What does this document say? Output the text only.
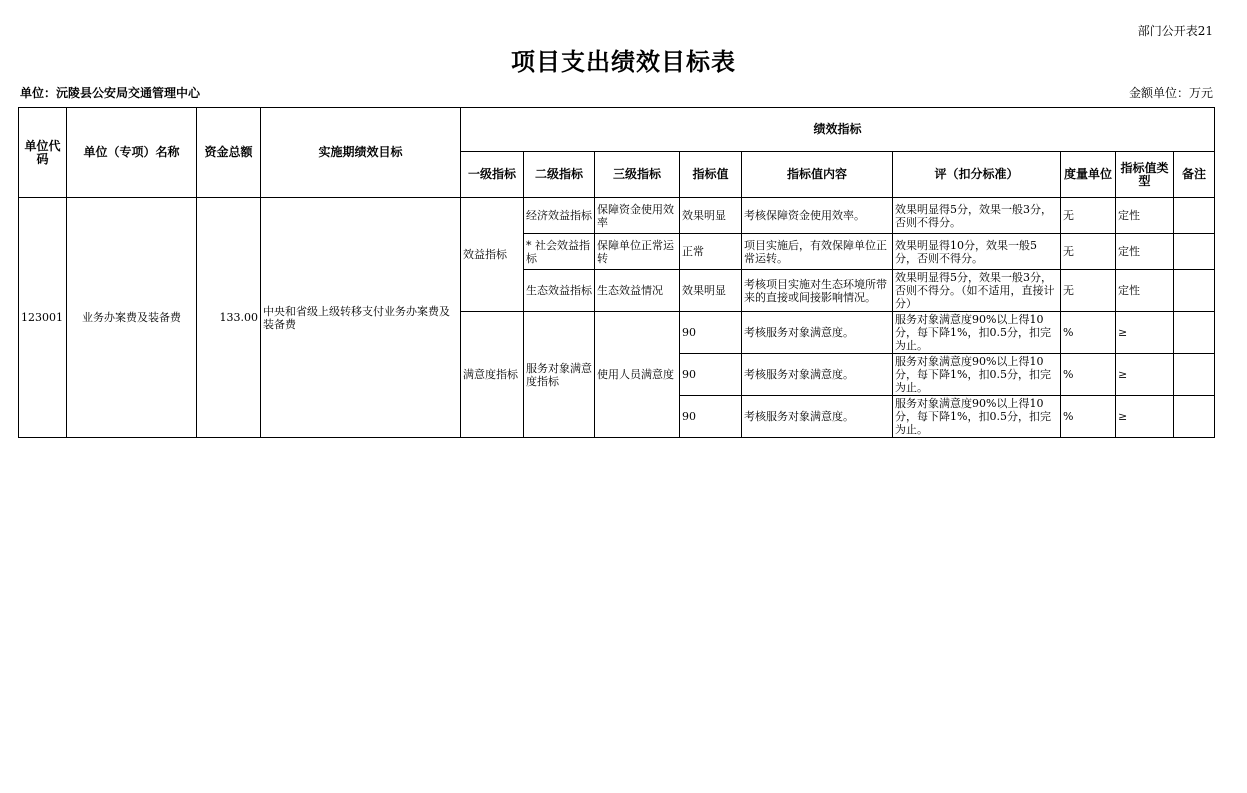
部门公开表21
项目支出绩效目标表
单位：沅陵县公安局交通管理中心	金额单位：万元
单位代码	单位（专项）名称	资金总额	实施期绩效目标	绩效指标								
				一级指标	二级指标	三级指标	指标值	指标值内容	评（扣分标准）	度量单位	指标值类型	备注
123001	业务办案费及装备费	133.00	中央和省级上级转移支付业务办案费及装备费	效益指标	经济效益指标	保障资金使用效率	效果明显	考核保障资金使用效率。	效果明显得5分，效果一般3分，否则不得分。	无	定性	
					* 社会效益指标	保障单位正常运转	正常	项目实施后，有效保障单位正常运转。	效果明显得10分，效果一般5分，否则不得分。	无	定性	
					生态效益指标	生态效益情况	效果明显	考核项目实施对生态环境所带来的直接或间接影响情况。	效果明显得5分，效果一般3分，否则不得分。（如不适用，直接计分）	无	定性	
				满意度指标	服务对象满意度指标	使用人员满意度	90	考核服务对象满意度。	服务对象满意度90%以上得10分，每下降1%，扣0.5分，扣完为止。	%	≥	
							90	考核服务对象满意度。	服务对象满意度90%以上得10分，每下降1%，扣0.5分，扣完为止。	%	≥	
							90	考核服务对象满意度。	服务对象满意度90%以上得10分，每下降1%，扣0.5分，扣完为止。	%	≥	
